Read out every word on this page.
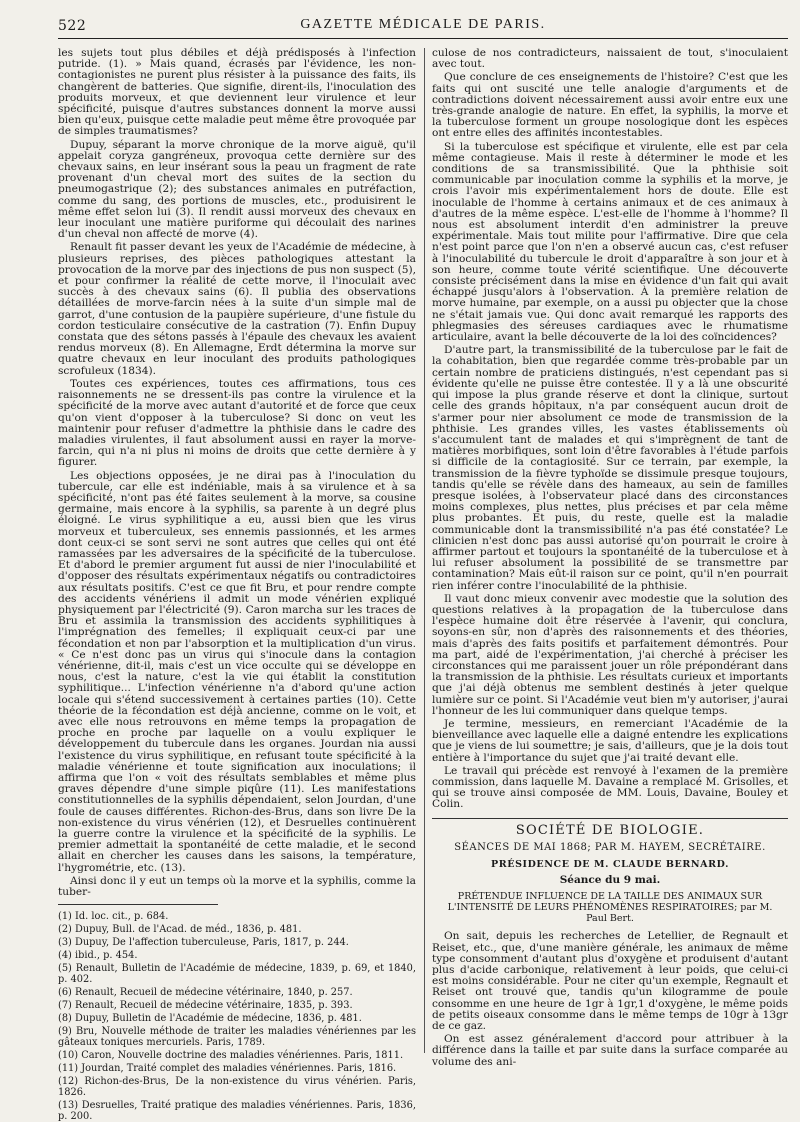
522	GAZETTE MÉDICALE DE PARIS.

les sujets tout plus débiles et déjà prédisposés à l'infection putride. (1). » Mais quand, écrasés par l'évidence, les non-contagionistes ne purent plus résister à la puissance des faits, ils changèrent de batteries. Que signifie, dirent-ils, l'inoculation des produits morveux, et que deviennent leur virulence et leur spécificité, puisque d'autres substances donnent la morve aussi bien qu'eux, puisque cette maladie peut même être provoquée par de simples traumatismes?

Dupuy, séparant la morve chronique de la morve aiguë, qu'il appelait coryza gangréneux, provoqua cette dernière sur des chevaux sains, en leur insérant sous la peau un fragment de rate provenant d'un cheval mort des suites de la section du pneumogastrique (2); des substances animales en putréfaction, comme du sang, des portions de muscles, etc., produisirent le même effet selon lui (3). Il rendit aussi morveux des chevaux en leur inoculant une matière puriforme qui découlait des narines d'un cheval non affecté de morve (4).

Renault fit passer devant les yeux de l'Académie de médecine, à plusieurs reprises, des pièces pathologiques attestant la provocation de la morve par des injections de pus non suspect (5), et pour confirmer la réalité de cette morve, il l'inoculait avec succès à des chevaux sains (6). Il publia des observations détaillées de morve-farcin nées à la suite d'un simple mal de garrot, d'une contusion de la paupière supérieure, d'une fistule du cordon testiculaire consécutive de la castration (7). Enfin Dupuy constata que des sétons passés à l'épaule des chevaux les avaient rendus morveux (8). En Allemagne, Erdt détermina la morve sur quatre chevaux en leur inoculant des produits pathologiques scrofuleux (1834).

Toutes ces expériences, toutes ces affirmations, tous ces raisonnements ne se dressent-ils pas contre la virulence et la spécificité de la morve avec autant d'autorité et de force que ceux qu'on vient d'opposer à la tuberculose? Si donc on veut les maintenir pour refuser d'admettre la phthisie dans le cadre des maladies virulentes, il faut absolument aussi en rayer la morve-farcin, qui n'a ni plus ni moins de droits que cette dernière à y figurer.

Les objections opposées, je ne dirai pas à l'inoculation du tubercule, car elle est indéniable, mais à sa virulence et à sa spécificité, n'ont pas été faites seulement à la morve, sa cousine germaine, mais encore à la syphilis, sa parente à un degré plus éloigné. Le virus syphilitique a eu, aussi bien que les virus morveux et tuberculeux, ses ennemis passionnés, et les armes dont ceux-ci se sont servi ne sont autres que celles qui ont été ramassées par les adversaires de la spécificité de la tuberculose. Et d'abord le premier argument fut aussi de nier l'inoculabilité et d'opposer des résultats expérimentaux négatifs ou contradictoires aux résultats positifs. C'est ce que fit Bru, et pour rendre compte des accidents vénériens il admit un mode vénérien expliqué physiquement par l'électricité (9). Caron marcha sur les traces de Bru et assimila la transmission des accidents syphilitiques à l'imprégnation des femelles; il expliquait ceux-ci par une fécondation et non par l'absorption et la multiplication d'un virus. « Ce n'est donc pas un virus qui s'inocule dans la contagion vénérienne, dit-il, mais c'est un vice occulte qui se développe en nous, c'est la nature, c'est la vie qui établit la constitution syphilitique... L'infection vénérienne n'a d'abord qu'une action locale qui s'étend successivement à certaines parties (10). Cette théorie de la fécondation est déjà ancienne, comme on le voit, et avec elle nous retrouvons en même temps la propagation de proche en proche par laquelle on a voulu expliquer le développement du tubercule dans les organes. Jourdan nia aussi l'existence du virus syphilitique, en refusant toute spécificité à la maladie vénérienne et toute signification aux inoculations; il affirma que l'on « voit des résultats semblables et même plus graves dépendre d'une simple piqûre (11). Les manifestations constitutionnelles de la syphilis dépendaient, selon Jourdan, d'une foule de causes différentes. Richon-des-Brus, dans son livre De la non-existence du virus vénérien (12), et Desruelles continuèrent la guerre contre la virulence et la spécificité de la syphilis. Le premier admettait la spontanéité de cette maladie, et le second allait en chercher les causes dans les saisons, la température, l'hygrométrie, etc. (13).

Ainsi donc il y eut un temps où la morve et la syphilis, comme la tuber-

(1) Id. loc. cit., p. 684.

(2) Dupuy, Bull. de l'Acad. de méd., 1836, p. 481.

(3) Dupuy, De l'affection tuberculeuse, Paris, 1817, p. 244.

(4) ibid., p. 454.

(5) Renault, Bulletin de l'Académie de médecine, 1839, p. 69, et 1840, p. 402.

(6) Renault, Recueil de médecine vétérinaire, 1840, p. 257.

(7) Renault, Recueil de médecine vétérinaire, 1835, p. 393.

(8) Dupuy, Bulletin de l'Académie de médecine, 1836, p. 481.

(9) Bru, Nouvelle méthode de traiter les maladies vénériennes par les gâteaux toniques mercuriels. Paris, 1789.

(10) Caron, Nouvelle doctrine des maladies vénériennes. Paris, 1811.

(11) Jourdan, Traité complet des maladies vénériennes. Paris, 1816.

(12) Richon-des-Brus, De la non-existence du virus vénérien. Paris, 1826.

(13) Desruelles, Traité pratique des maladies vénériennes. Paris, 1836, p. 200.

culose de nos contradicteurs, naissaient de tout, s'inoculaient avec tout.

Que conclure de ces enseignements de l'histoire? C'est que les faits qui ont suscité une telle analogie d'arguments et de contradictions doivent nécessairement aussi avoir entre eux une très-grande analogie de nature. En effet, la syphilis, la morve et la tuberculose forment un groupe nosologique dont les espèces ont entre elles des affinités incontestables.

Si la tuberculose est spécifique et virulente, elle est par cela même contagieuse. Mais il reste à déterminer le mode et les conditions de sa transmissibilité. Que la phthisie soit communicable par inoculation comme la syphilis et la morve, je crois l'avoir mis expérimentalement hors de doute. Elle est inoculable de l'homme à certains animaux et de ces animaux à d'autres de la même espèce. L'est-elle de l'homme à l'homme? Il nous est absolument interdit d'en administrer la preuve expérimentale. Mais tout milite pour l'affirmative. Dire que cela n'est point parce que l'on n'en a observé aucun cas, c'est refuser à l'inoculabilité du tubercule le droit d'apparaître à son jour et à son heure, comme toute vérité scientifique. Une découverte consiste précisément dans la mise en évidence d'un fait qui avait échappé jusqu'alors à l'observation. À la première relation de morve humaine, par exemple, on a aussi pu objecter que la chose ne s'était jamais vue. Qui donc avait remarqué les rapports des phlegmasies des séreuses cardiaques avec le rhumatisme articulaire, avant la belle découverte de la loi des coïncidences?

D'autre part, la transmissibilité de la tuberculose par le fait de la cohabitation, bien que regardée comme très-probable par un certain nombre de praticiens distingués, n'est cependant pas si évidente qu'elle ne puisse être contestée. Il y a là une obscurité qui impose la plus grande réserve et dont la clinique, surtout celle des grands hôpitaux, n'a par conséquent aucun droit de s'armer pour nier absolument ce mode de transmission de la phthisie. Les grandes villes, les vastes établissements où s'accumulent tant de malades et qui s'imprègnent de tant de matières morbifiques, sont loin d'être favorables à l'étude parfois si difficile de la contagiosité. Sur ce terrain, par exemple, la transmission de la fièvre typhoïde se dissimule presque toujours, tandis qu'elle se révèle dans des hameaux, au sein de familles presque isolées, à l'observateur placé dans des circonstances moins complexes, plus nettes, plus précises et par cela même plus probantes. Et puis, du reste, quelle est la maladie communicable dont la transmissibilité n'a pas été constatée? Le clinicien n'est donc pas aussi autorisé qu'on pourrait le croire à affirmer partout et toujours la spontanéité de la tuberculose et à lui refuser absolument la possibilité de se transmettre par contamination? Mais eût-il raison sur ce point, qu'il n'en pourrait rien inférer contre l'inoculabilité de la phthisie.

Il vaut donc mieux convenir avec modestie que la solution des questions relatives à la propagation de la tuberculose dans l'espèce humaine doit être réservée à l'avenir, qui conclura, soyons-en sûr, non d'après des raisonnements et des théories, mais d'après des faits positifs et parfaitement démontrés. Pour ma part, aidé de l'expérimentation, j'ai cherché à préciser les circonstances qui me paraissent jouer un rôle prépondérant dans la transmission de la phthisie. Les résultats curieux et importants que j'ai déjà obtenus me semblent destinés à jeter quelque lumière sur ce point. Si l'Académie veut bien m'y autoriser, j'aurai l'honneur de les lui communiquer dans quelque temps.

Je termine, messieurs, en remerciant l'Académie de la bienveillance avec laquelle elle a daigné entendre les explications que je viens de lui soumettre; je sais, d'ailleurs, que je la dois tout entière à l'importance du sujet que j'ai traité devant elle.

Le travail qui précède est renvoyé à l'examen de la première commission, dans laquelle M. Davaine a remplacé M. Grisolles, et qui se trouve ainsi composée de MM. Louis, Davaine, Bouley et Colin.

SOCIÉTÉ DE BIOLOGIE.
SÉANCES DE MAI 1868; PAR M. HAYEM, SECRÉTAIRE.
PRÉSIDENCE DE M. CLAUDE BERNARD.
Séance du 9 mai.
PRÉTENDUE INFLUENCE DE LA TAILLE DES ANIMAUX SUR L'INTENSITÉ DE LEURS PHÉNOMÈNES RESPIRATOIRES; par M. Paul Bert.

On sait, depuis les recherches de Letellier, de Regnault et Reiset, etc., que, d'une manière générale, les animaux de même type consomment d'autant plus d'oxygène et produisent d'autant plus d'acide carbonique, relativement à leur poids, que celui-ci est moins considérable. Pour ne citer qu'un exemple, Regnault et Reiset ont trouvé que, tandis qu'un kilogramme de poule consomme en une heure de 1gr à 1gr,1 d'oxygène, le même poids de petits oiseaux consomme dans le même temps de 10gr à 13gr de ce gaz.

On est assez généralement d'accord pour attribuer à la différence dans la taille et par suite dans la surface comparée au volume des ani-
